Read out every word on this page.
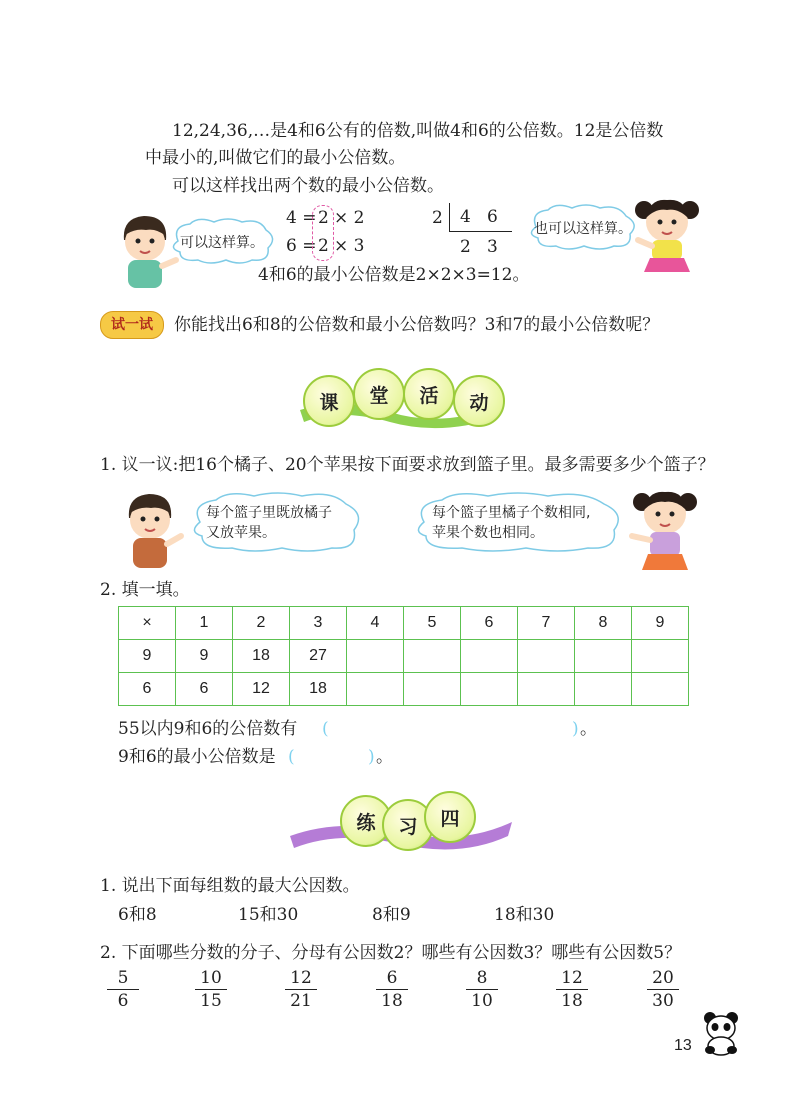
12,24,36,…是4和6公有的倍数,叫做4和6的公倍数。12是公倍数
中最小的,叫做它们的最小公倍数。
可以这样找出两个数的最小公倍数。
可以这样算。
4 = 2 × 2
6 = 2 × 3
2 4   6
2   3
也可以这样算。
4和6的最小公倍数是2×2×3=12。
试一试	你能找出6和8的公倍数和最小公倍数吗？3和7的最小公倍数呢？
课 堂 活 动
1. 议一议:把16个橘子、20个苹果按下面要求放到篮子里。最多需要多少个篮子？
每个篮子里既放橘子
又放苹果。
每个篮子里橘子个数相同,
苹果个数也相同。
2. 填一填。
×	1	2	3	4	5	6	7	8	9
9	9	18	27						
6	6	12	18						
55以内9和6的公倍数有 (	) 。
9和6的最小公倍数是 (	) 。
练 习 四
1. 说出下面每组数的最大公因数。
6和8	15和30	8和9	18和30
2. 下面哪些分数的分子、分母有公因数2？哪些有公因数3？哪些有公因数5？
5
6
10
15
12
21
6
18
8
10
12
18
20
30
13
